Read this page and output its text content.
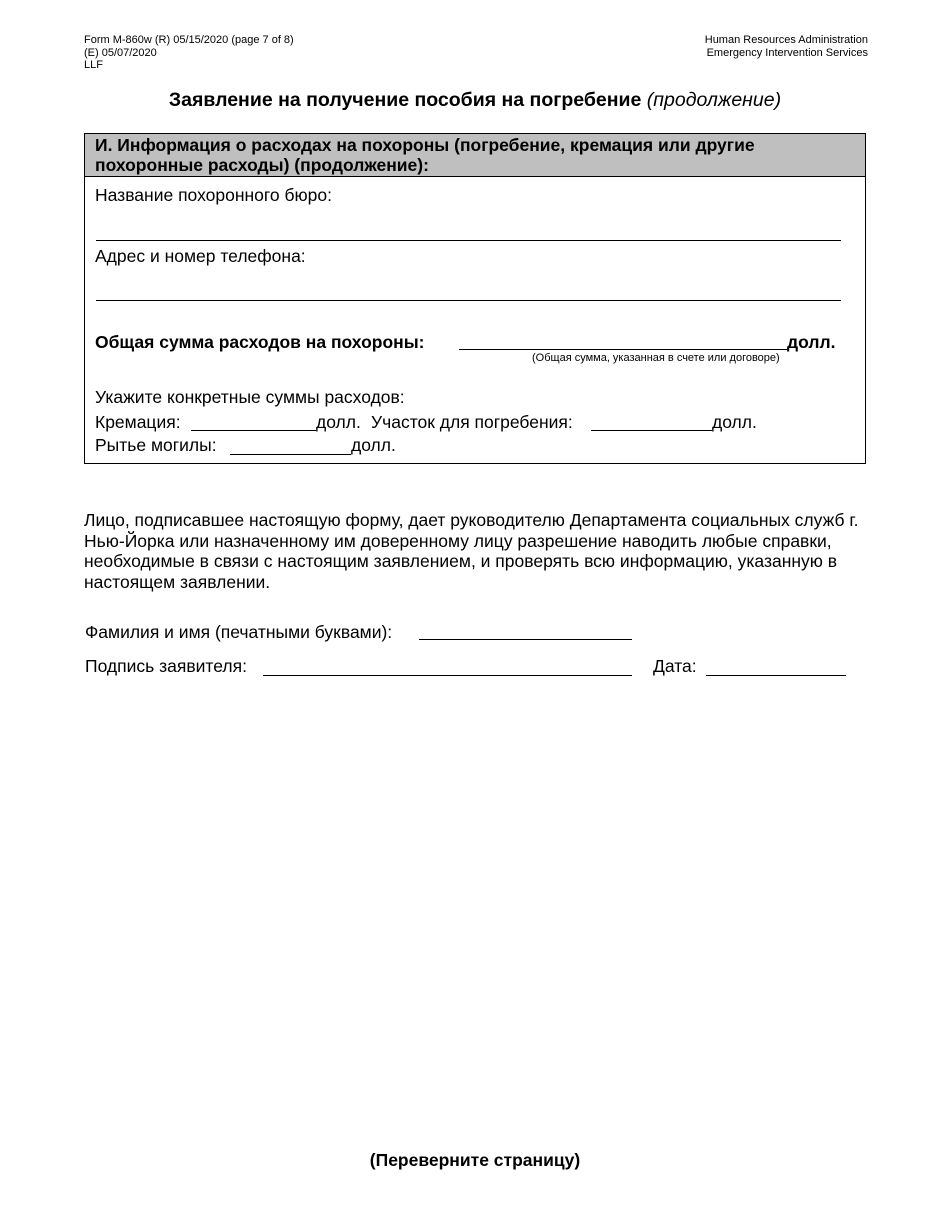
Form M-860w (R) 05/15/2020 (page 7 of 8)
(E) 05/07/2020
LLF
Human Resources Administration
Emergency Intervention Services
Заявление на получение пособия на погребение (продолжение)
И. Информация о расходах на похороны (погребение, кремация или другие похоронные расходы) (продолжение):
Название похоронного бюро:
Адрес и номер телефона:
Общая сумма расходов на похороны:	долл.
(Общая сумма, указанная в счете или договоре)
Укажите конкретные суммы расходов:
Кремация:	долл. Участок для погребения:	долл.
Рытье могилы:	долл.
Лицо, подписавшее настоящую форму, дает руководителю Департамента социальных служб г. Нью-Йорка или назначенному им доверенному лицу разрешение наводить любые справки, необходимые в связи с настоящим заявлением, и проверять всю информацию, указанную в настоящем заявлении.
Фамилия и имя (печатными буквами):
Подпись заявителя:	Дата:
(Переверните страницу)
